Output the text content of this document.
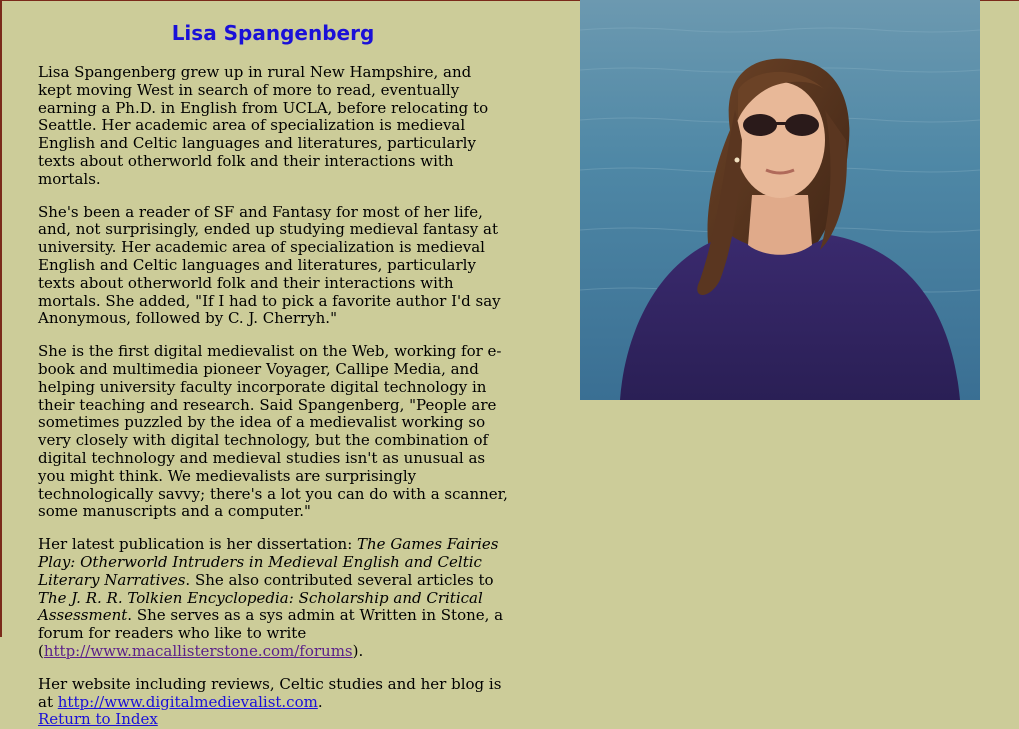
Lisa Spangenberg

Lisa Spangenberg grew up in rural New Hampshire, and kept moving West in search of more to read, eventually earning a Ph.D. in English from UCLA, before relocating to Seattle. Her academic area of specialization is medieval English and Celtic languages and literatures, particularly texts about otherworld folk and their interactions with mortals.

She's been a reader of SF and Fantasy for most of her life, and, not surprisingly, ended up studying medieval fantasy at university. Her academic area of specialization is medieval English and Celtic languages and literatures, particularly texts about otherworld folk and their interactions with mortals. She added, "If I had to pick a favorite author I'd say Anonymous, followed by C. J. Cherryh."

She is the first digital medievalist on the Web, working for e-book and multimedia pioneer Voyager, Callipe Media, and helping university faculty incorporate digital technology in their teaching and research. Said Spangenberg, "People are sometimes puzzled by the idea of a medievalist working so very closely with digital technology, but the combination of digital technology and medieval studies isn't as unusual as you might think. We medievalists are surprisingly technologically savvy; there's a lot you can do with a scanner, some manuscripts and a computer."

Her latest publication is her dissertation: The Games Fairies Play: Otherworld Intruders in Medieval English and Celtic Literary Narratives. She also contributed several articles to The J. R. R. Tolkien Encyclopedia: Scholarship and Critical Assessment. She serves as a sys admin at Written in Stone, a forum for readers who like to write (http://www.macallisterstone.com/forums).

Her website including reviews, Celtic studies and her blog is at http://www.digitalmedievalist.com.
Return to Index
